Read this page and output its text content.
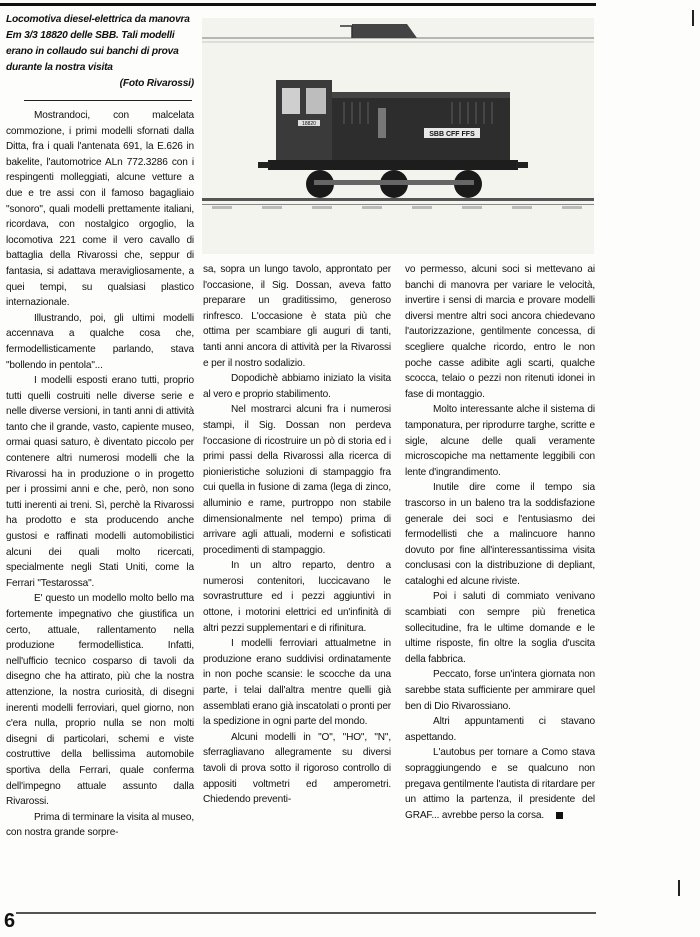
Locomotiva diesel-elettrica da manovra Em 3/3 18820 delle SBB. Tali modelli erano in collaudo sui banchi di prova durante la nostra visita
(Foto Rivarossi)
18820
SBB CFF FFS

Mostrandoci, con malcelata commozione, i primi modelli sfornati dalla Ditta, fra i quali l'antenata 691, la E.626 in bakelite, l'automotrice ALn 772.3286 con i respingenti molleggiati, alcune vetture a due e tre assi con il famoso bagagliaio "sonoro", quali modelli prettamente italiani, ricordava, con nostalgico orgoglio, la locomotiva 221 come il vero cavallo di battaglia della Rivarossi che, seppur di fantasia, si adattava meravigliosamente, a quei tempi, su qualsiasi plastico internazionale.

Illustrando, poi, gli ultimi modelli accennava a qualche cosa che, fermodellisticamente parlando, stava "bollendo in pentola"...

I modelli esposti erano tutti, proprio tutti quelli costruiti nelle diverse serie e nelle diverse versioni, in tanti anni di attività tanto che il grande, vasto, capiente museo, ormai quasi saturo, è diventato piccolo per contenere altri numerosi modelli che la Rivarossi ha in produzione o in progetto per i prossimi anni e che, però, non sono tutti inerenti ai treni. Sì, perchè la Rivarossi ha prodotto e sta producendo anche gustosi e raffinati modelli automobilistici alcuni dei quali molto ricercati, specialmente negli Stati Uniti, come la Ferrari "Testarossa".

E' questo un modello molto bello ma fortemente impegnativo che giustifica un certo, attuale, rallentamento nella produzione fermodellistica. Infatti, nell'ufficio tecnico cosparso di tavoli da disegno che ha attirato, più che la nostra attenzione, la nostra curiosità, di disegni inerenti modelli ferroviari, quel giorno, non c'era nulla, proprio nulla se non molti disegni di particolari, schemi e viste costruttive della bellissima automobile sportiva della Ferrari, quale conferma dell'impegno attuale assunto dalla Rivarossi.

Prima di terminare la visita al museo, con nostra grande sorpre-

sa, sopra un lungo tavolo, approntato per l'occasione, il Sig. Dossan, aveva fatto preparare un graditissimo, generoso rinfresco. L'occasione è stata più che ottima per scambiare gli auguri di tanti, tanti anni ancora di attività per la Rivarossi e per il nostro sodalizio.

Dopodichè abbiamo iniziato la visita al vero e proprio stabilimento.

Nel mostrarci alcuni fra i numerosi stampi, il Sig. Dossan non perdeva l'occasione di ricostruire un pò di storia ed i primi passi della Rivarossi alla ricerca di pionieristiche soluzioni di stampaggio fra cui quella in fusione di zama (lega di zinco, alluminio e rame, purtroppo non stabile dimensionalmente nel tempo) prima di arrivare agli attuali, moderni e sofisticati procedimenti di stampaggio.

In un altro reparto, dentro a numerosi contenitori, luccicavano le sovrastrutture ed i pezzi aggiuntivi in ottone, i motorini elettrici ed un'infinità di altri pezzi supplementari e di rifinitura.

I modelli ferroviari attualmetne in produzione erano suddivisi ordinatamente in non poche scansie: le scocche da una parte, i telai dall'altra mentre quelli già assemblati erano già inscatolati o pronti per la spedizione in ogni parte del mondo.

Alcuni modelli in "O", "HO", "N", sferragliavano allegramente su diversi tavoli di prova sotto il rigoroso controllo di appositi voltmetri ed amperometri. Chiedendo preventi-

vo permesso, alcuni soci si mettevano ai banchi di manovra per variare le velocità, invertire i sensi di marcia e provare modelli diversi mentre altri soci ancora chiedevano l'autorizzazione, gentilmente concessa, di scegliere qualche ricordo, entro le non poche casse adibite agli scarti, qualche scocca, telaio o pezzi non ritenuti idonei in fase di montaggio.

Molto interessante alche il sistema di tamponatura, per riprodurre targhe, scritte e sigle, alcune delle quali veramente microscopiche ma nettamente leggibili con lente d'ingrandimento.

Inutile dire come il tempo sia trascorso in un baleno tra la soddisfazione generale dei soci e l'entusiasmo dei fermodellisti che a malincuore hanno dovuto por fine all'interessantissima visita conclusasi con la distribuzione di depliant, cataloghi ed alcune riviste.

Poi i saluti di commiato venivano scambiati con sempre più frenetica sollecitudine, fra le ultime domande e le ultime risposte, fin oltre la soglia d'uscita della fabbrica.

Peccato, forse un'intera giornata non sarebbe stata sufficiente per ammirare quel ben di Dio Rivarossiano.

Altri appuntamenti ci stavano aspettando.

L'autobus per tornare a Como stava sopraggiungendo e se qualcuno non pregava gentilmente l'autista di ritardare per un attimo la partenza, il presidente del GRAF... avrebbe perso la corsa.

6
